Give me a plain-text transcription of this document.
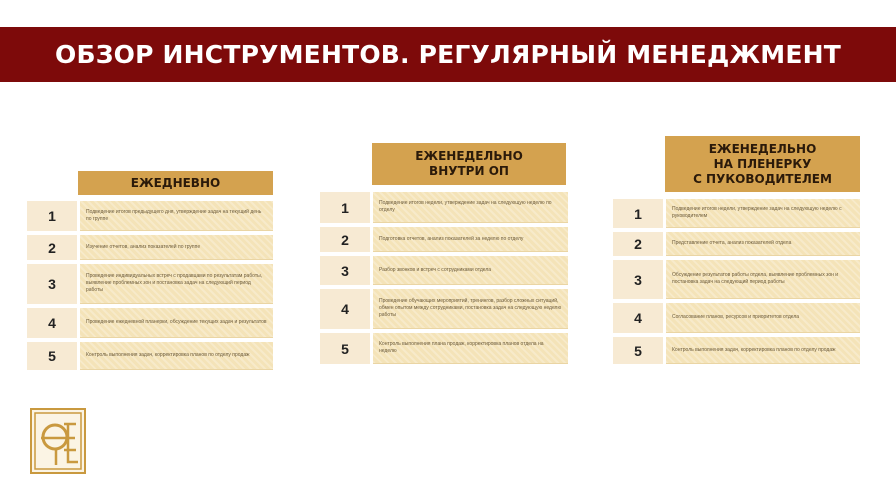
ОБЗОР ИНСТРУМЕНТОВ. РЕГУЛЯРНЫЙ МЕНЕДЖМЕНТ
ЕЖЕДНЕВНО
1	Подведение итогов предыдущего дня, утверждение задач на текущий день по группе
2	Изучение отчетов, анализ показателей по группе
3	Проведение индивидуальных встреч с продавцами по результатам работы, выявление проблемных зон и постановка задач на следующий период работы
4	Проведение ежедневной планерки, обсуждение текущих задач и результатов
5	Контроль выполнения задач, корректировка планов по отделу продаж
ЕЖЕНЕДЕЛЬНО
ВНУТРИ ОП
1	Подведение итогов недели, утверждение задач на следующую неделю по отделу
2	Подготовка отчетов, анализ показателей за неделю по отделу
3	Разбор звонков и встреч с сотрудниками отдела
4	Проведение обучающих мероприятий, тренингов, разбор сложных ситуаций, обмен опытом между сотрудниками, постановка задач на следующую неделю работы
5	Контроль выполнения плана продаж, корректировка планов отдела на неделю
ЕЖЕНЕДЕЛЬНО
НА ПЛЕНЕРКУ
С ПУКОВОДИТЕЛЕМ
1	Подведение итогов недели, утверждение задач на следующую неделю с руководителем
2	Представление отчета, анализ показателей отдела
3	Обсуждение результатов работы отдела, выявление проблемных зон и постановка задач на следующий период работы
4	Согласование планов, ресурсов и приоритетов отдела
5	Контроль выполнения задач, корректировка планов по отделу продаж
